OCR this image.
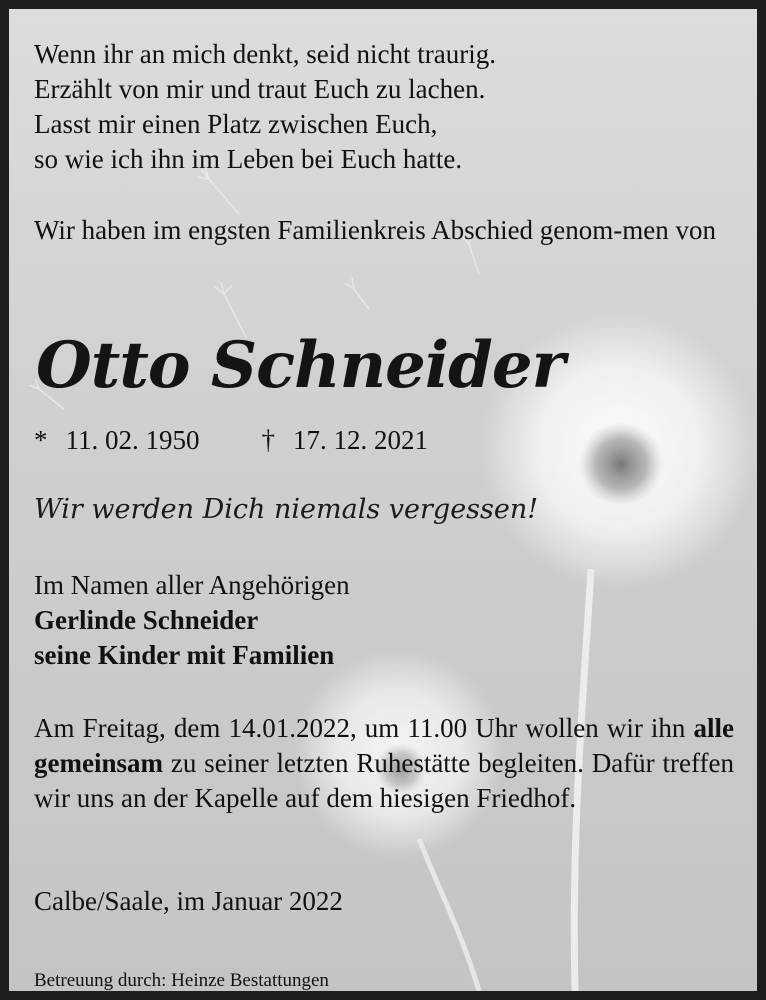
Wenn ihr an mich denkt, seid nicht traurig.
Erzählt von mir und traut Euch zu lachen.
Lasst mir einen Platz zwischen Euch,
so wie ich ihn im Leben bei Euch hatte.

Wir haben im engsten Familienkreis Abschied genom-men von

Otto Schneider
* 11. 02. 1950 † 17. 12. 2021

Wir werden Dich niemals vergessen!

Im Namen aller Angehörigen
Gerlinde Schneider
seine Kinder mit Familien

Am Freitag, dem 14.01.2022, um 11.00 Uhr wollen wir ihn alle gemeinsam zu seiner letzten Ruhestätte begleiten. Dafür treffen wir uns an der Kapelle auf dem hiesigen Friedhof.

Calbe/Saale, im Januar 2022

Betreuung durch: Heinze Bestattungen
